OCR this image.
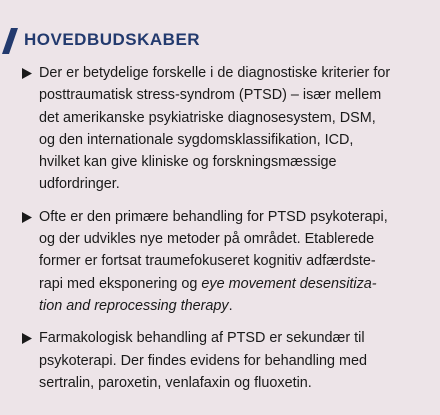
HOVEDBUDSKABER
Der er betydelige forskelle i de diagnostiske kriterier for
posttraumatisk stress-syndrom (PTSD) – især mellem
det amerikanske psykiatriske diagnosesystem, DSM,
og den internationale sygdomsklassifikation, ICD,
hvilket kan give kliniske og forskningsmæssige
udfordringer.
Ofte er den primære behandling for PTSD psykoterapi,
og der udvikles nye metoder på området. Etablerede
former er fortsat traumefokuseret kognitiv adfærdste-
rapi med eksponering og eye movement desensitiza-
tion and reprocessing therapy.
Farmakologisk behandling af PTSD er sekundær til
psykoterapi. Der findes evidens for behandling med
sertralin, paroxetin, venlafaxin og fluoxetin.
